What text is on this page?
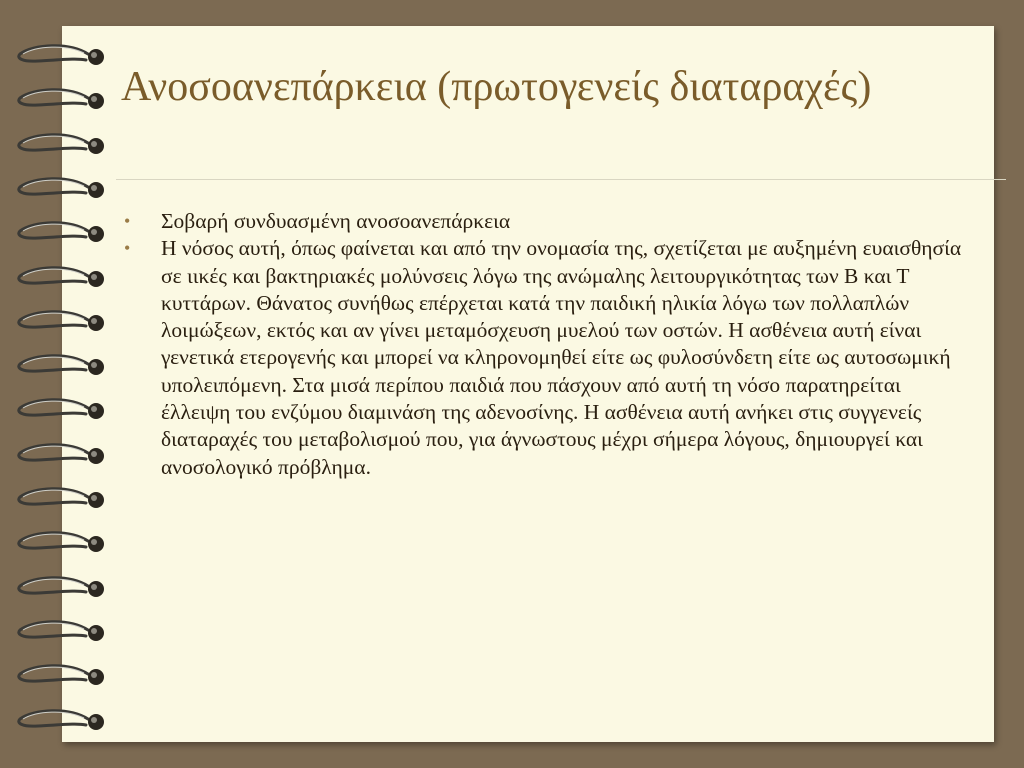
Ανοσοανεπάρκεια (πρωτογενείς διαταραχές)
• Σοβαρή συνδυασμένη ανοσοανεπάρκεια
• Η νόσος αυτή, όπως φαίνεται και από την ονομασία της, σχετίζεται με αυξημένη ευαισθησία σε ιικές και βακτηριακές μολύνσεις λόγω της ανώμαλης λειτουργικότητας των Β και Τ κυττάρων. Θάνατος συνήθως επέρχεται κατά την παιδική ηλικία λόγω των πολλαπλών λοιμώξεων, εκτός και αν γίνει μεταμόσχευση μυελού των οστών. Η ασθένεια αυτή είναι γενετικά ετερογενής και μπορεί να κληρονομηθεί είτε ως φυλοσύνδετη είτε ως αυτοσωμική υπολειπόμενη. Στα μισά περίπου παιδιά που πάσχουν από αυτή τη νόσο παρατηρείται έλλειψη του ενζύμου διαμινάση της αδενοσίνης. Η ασθένεια αυτή ανήκει στις συγγενείς διαταραχές του μεταβολισμού που, για άγνωστους μέχρι σήμερα λόγους, δημιουργεί και ανοσολογικό πρόβλημα.
